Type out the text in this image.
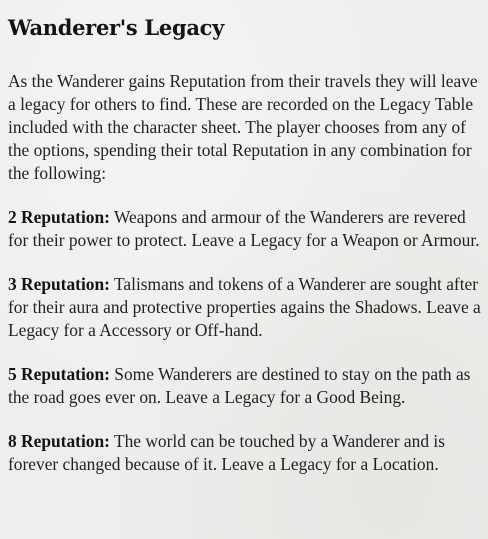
Wanderer's Legacy

As the Wanderer gains Reputation from their travels they will leave a legacy for others to find. These are recorded on the Legacy Table included with the character sheet. The player chooses from any of the options, spending their total Reputation in any combination for the following:

2 Reputation: Weapons and armour of the Wanderers are revered for their power to protect. Leave a Legacy for a Weapon or Armour.

3 Reputation: Talismans and tokens of a Wanderer are sought after for their aura and protective properties agains the Shadows. Leave a Legacy for a Accessory or Off-hand.

5 Reputation: Some Wanderers are destined to stay on the path as the road goes ever on. Leave a Legacy for a Good Being.

8 Reputation: The world can be touched by a Wanderer and is forever changed because of it. Leave a Legacy for a Location.
